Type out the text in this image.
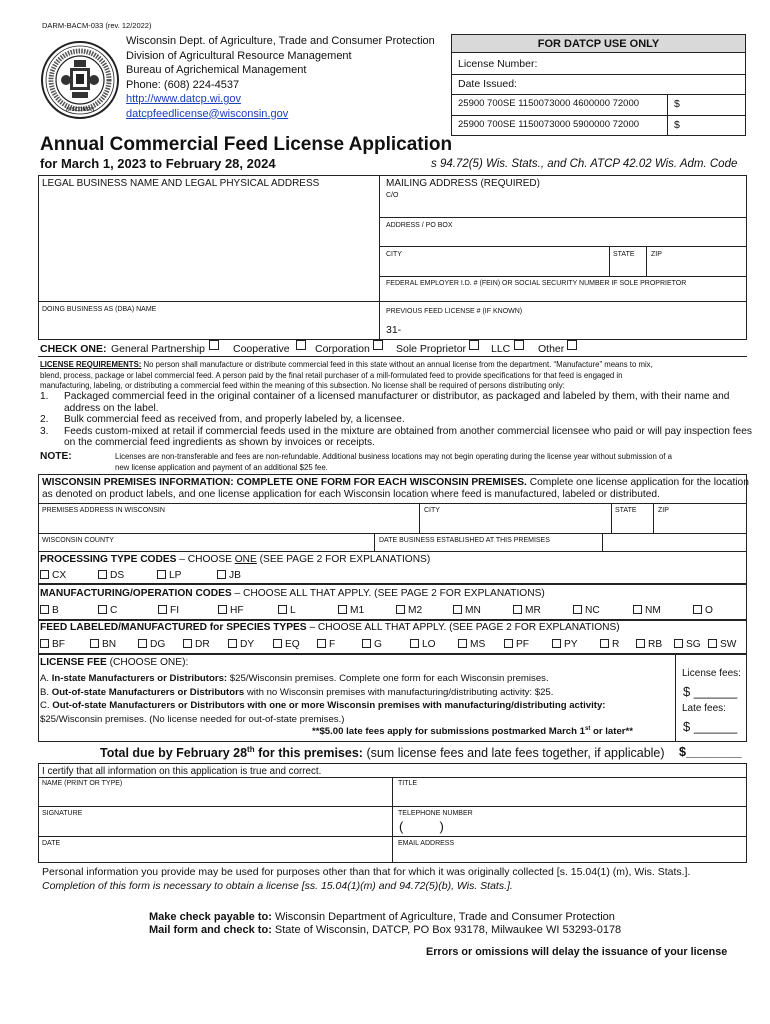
DARM-BACM-033 (rev. 12/2022)
WISCONSIN
Wisconsin Dept. of Agriculture, Trade and Consumer Protection
Division of Agricultural Resource Management
Bureau of Agrichemical Management
Phone: (608) 224-4537
http://www.datcp.wi.gov
datcpfeedlicense@wisconsin.gov
FOR DATCP USE ONLY
License Number:
Date Issued:
25900 700SE 1150073000 4600000 72000	$
25900 700SE 1150073000 5900000 72000	$
Annual Commercial Feed License Application
for March 1, 2023 to February 28, 2024	s 94.72(5) Wis. Stats., and Ch. ATCP 42.02 Wis. Adm. Code
LEGAL BUSINESS NAME AND LEGAL PHYSICAL ADDRESS	MAILING ADDRESS (REQUIRED)
C/O
ADDRESS / PO BOX
CITY	STATE ZIP
FEDERAL EMPLOYER I.D. # (FEIN) OR SOCIAL SECURITY NUMBER IF SOLE PROPRIETOR
DOING BUSINESS AS (DBA) NAME	PREVIOUS FEED LICENSE # (IF KNOWN)
31-
CHECK ONE: General Partnership	Cooperative Corporation Sole Proprietor LLC	Other
LICENSE REQUIREMENTS: No person shall manufacture or distribute commercial feed in this state without an annual license from the department. “Manufacture” means to mix,
blend, process, package or label commercial feed. A person paid by the final retail purchaser of a mill-formulated feed to provide specifications for that feed is engaged in
manufacturing, labeling, or distributing a commercial feed within the meaning of this subsection. No license shall be required of persons distributing only:
1. Packaged commercial feed in the original container of a licensed manufacturer or distributor, as packaged and labeled by them, with their name and
address on the label.
2. Bulk commercial feed as received from, and properly labeled by, a licensee.
3. Feeds custom-mixed at retail if commercial feeds used in the mixture are obtained from another commercial licensee who paid or will pay inspection fees
on the commercial feed ingredients as shown by invoices or receipts.
NOTE:	Licenses are non-transferable and fees are non-refundable. Additional business locations may not begin operating during the license year without submission of a
new license application and payment of an additional $25 fee.
WISCONSIN PREMISES INFORMATION: COMPLETE ONE FORM FOR EACH WISCONSIN PREMISES. Complete one license application for the location
as denoted on product labels, and one license application for each Wisconsin location where feed is manufactured, labeled or distributed.
PREMISES ADDRESS IN WISCONSIN	CITY	STATE	ZIP
WISCONSIN COUNTY	DATE BUSINESS ESTABLISHED AT THIS PREMISES
PROCESSING TYPE CODES – CHOOSE ONE (SEE PAGE 2 FOR EXPLANATIONS)
CX	DS	LP	JB
MANUFACTURING/OPERATION CODES – CHOOSE ALL THAT APPLY. (SEE PAGE 2 FOR EXPLANATIONS)
B	C	FI	HF	L	M1	M2	MN	MR	NC	NM	O
FEED LABELED/MANUFACTURED for SPECIES TYPES – CHOOSE ALL THAT APPLY. (SEE PAGE 2 FOR EXPLANATIONS)
BF	BN	DG	DR	DY	EQ	F	G	LO	MS	PF	PY	R	RB	SG	SW
LICENSE FEE (CHOOSE ONE):
A. In-state Manufacturers or Distributors: $25/Wisconsin premises. Complete one form for each Wisconsin premises.
B. Out-of-state Manufacturers or Distributors with no Wisconsin premises with manufacturing/distributing activity: $25.
C. Out-of-state Manufacturers or Distributors with one or more Wisconsin premises with manufacturing/distributing activity:
$25/Wisconsin premises. (No license needed for out-of-state premises.)
**$5.00 late fees apply for submissions postmarked March 1st or later**
License fees:
$ ______
Late fees:
$ ______
Total due by February 28th for this premises: (sum license fees and late fees together, if applicable) $________
I certify that all information on this application is true and correct.
NAME (PRINT OR TYPE)	TITLE
SIGNATURE	TELEPHONE NUMBER
(          )
DATE	EMAIL ADDRESS
Personal information you provide may be used for purposes other than that for which it was originally collected [s. 15.04(1) (m), Wis. Stats.].
Completion of this form is necessary to obtain a license [ss. 15.04(1)(m) and 94.72(5)(b), Wis. Stats.].
Make check payable to: Wisconsin Department of Agriculture, Trade and Consumer Protection
Mail form and check to: State of Wisconsin, DATCP, PO Box 93178, Milwaukee WI 53293-0178
Errors or omissions will delay the issuance of your license
